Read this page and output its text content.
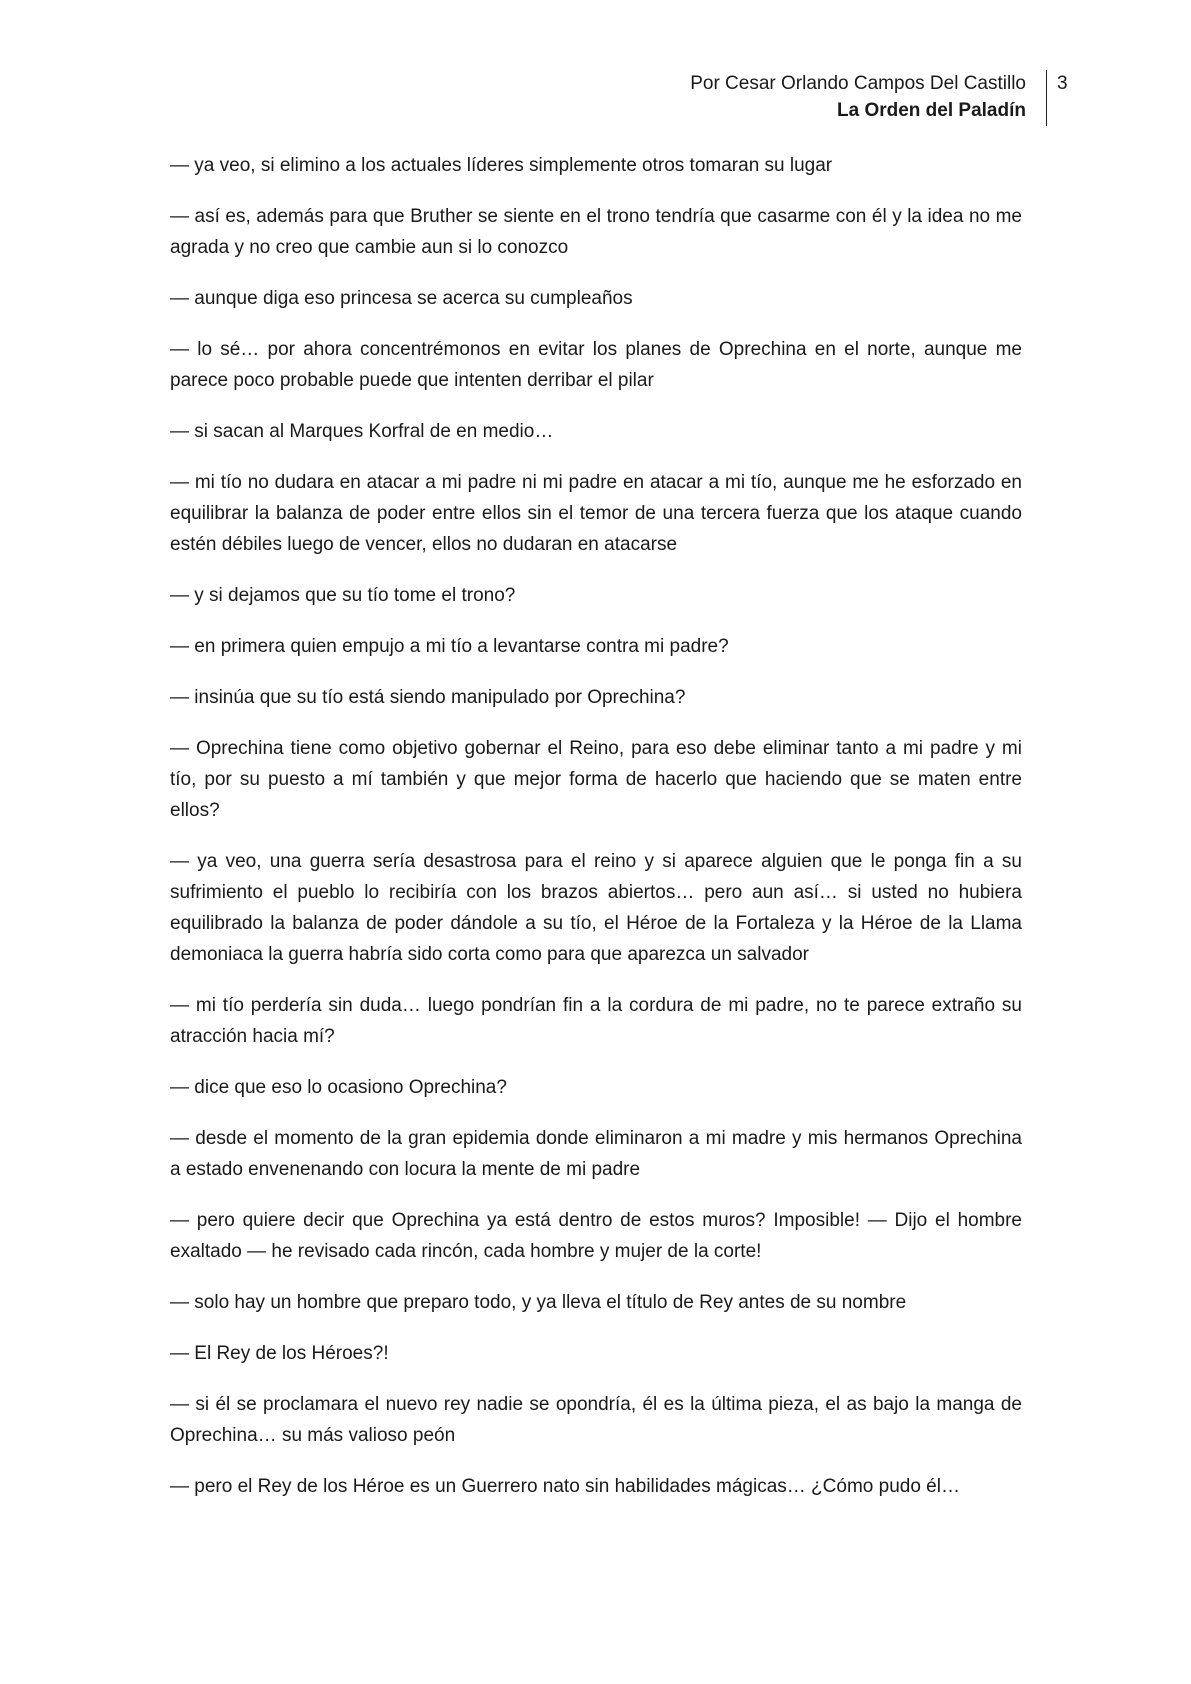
Por Cesar Orlando Campos Del Castillo
La Orden del Paladín
3

— ya veo, si elimino a los actuales líderes simplemente otros tomaran su lugar

— así es, además para que Bruther se siente en el trono tendría que casarme con él y la idea no me agrada y no creo que cambie aun si lo conozco

— aunque diga eso princesa se acerca su cumpleaños

— lo sé… por ahora concentrémonos en evitar los planes de Oprechina en el norte, aunque me parece poco probable puede que intenten derribar el pilar

— si sacan al Marques Korfral de en medio…

— mi tío no dudara en atacar a mi padre ni mi padre en atacar a mi tío, aunque me he esforzado en equilibrar la balanza de poder entre ellos sin el temor de una tercera fuerza que los ataque cuando estén débiles luego de vencer, ellos no dudaran en atacarse

— y si dejamos que su tío tome el trono?

— en primera quien empujo a mi tío a levantarse contra mi padre?

— insinúa que su tío está siendo manipulado por Oprechina?

— Oprechina tiene como objetivo gobernar el Reino, para eso debe eliminar tanto a mi padre y mi tío, por su puesto a mí también y que mejor forma de hacerlo que haciendo que se maten entre ellos?

— ya veo, una guerra sería desastrosa para el reino y si aparece alguien que le ponga fin a su sufrimiento el pueblo lo recibiría con los brazos abiertos… pero aun así… si usted no hubiera equilibrado la balanza de poder dándole a su tío, el Héroe de la Fortaleza y la Héroe de la Llama demoniaca la guerra habría sido corta como para que aparezca un salvador

— mi tío perdería sin duda… luego pondrían fin a la cordura de mi padre, no te parece extraño su atracción hacia mí?

— dice que eso lo ocasiono Oprechina?

— desde el momento de la gran epidemia donde eliminaron a mi madre y mis hermanos Oprechina a estado envenenando con locura la mente de mi padre

— pero quiere decir que Oprechina ya está dentro de estos muros? Imposible! — Dijo el hombre exaltado — he revisado cada rincón, cada hombre y mujer de la corte!

— solo hay un hombre que preparo todo, y ya lleva el título de Rey antes de su nombre

— El Rey de los Héroes?!

— si él se proclamara el nuevo rey nadie se opondría, él es la última pieza, el as bajo la manga de Oprechina… su más valioso peón

— pero el Rey de los Héroe es un Guerrero nato sin habilidades mágicas… ¿Cómo pudo él…
